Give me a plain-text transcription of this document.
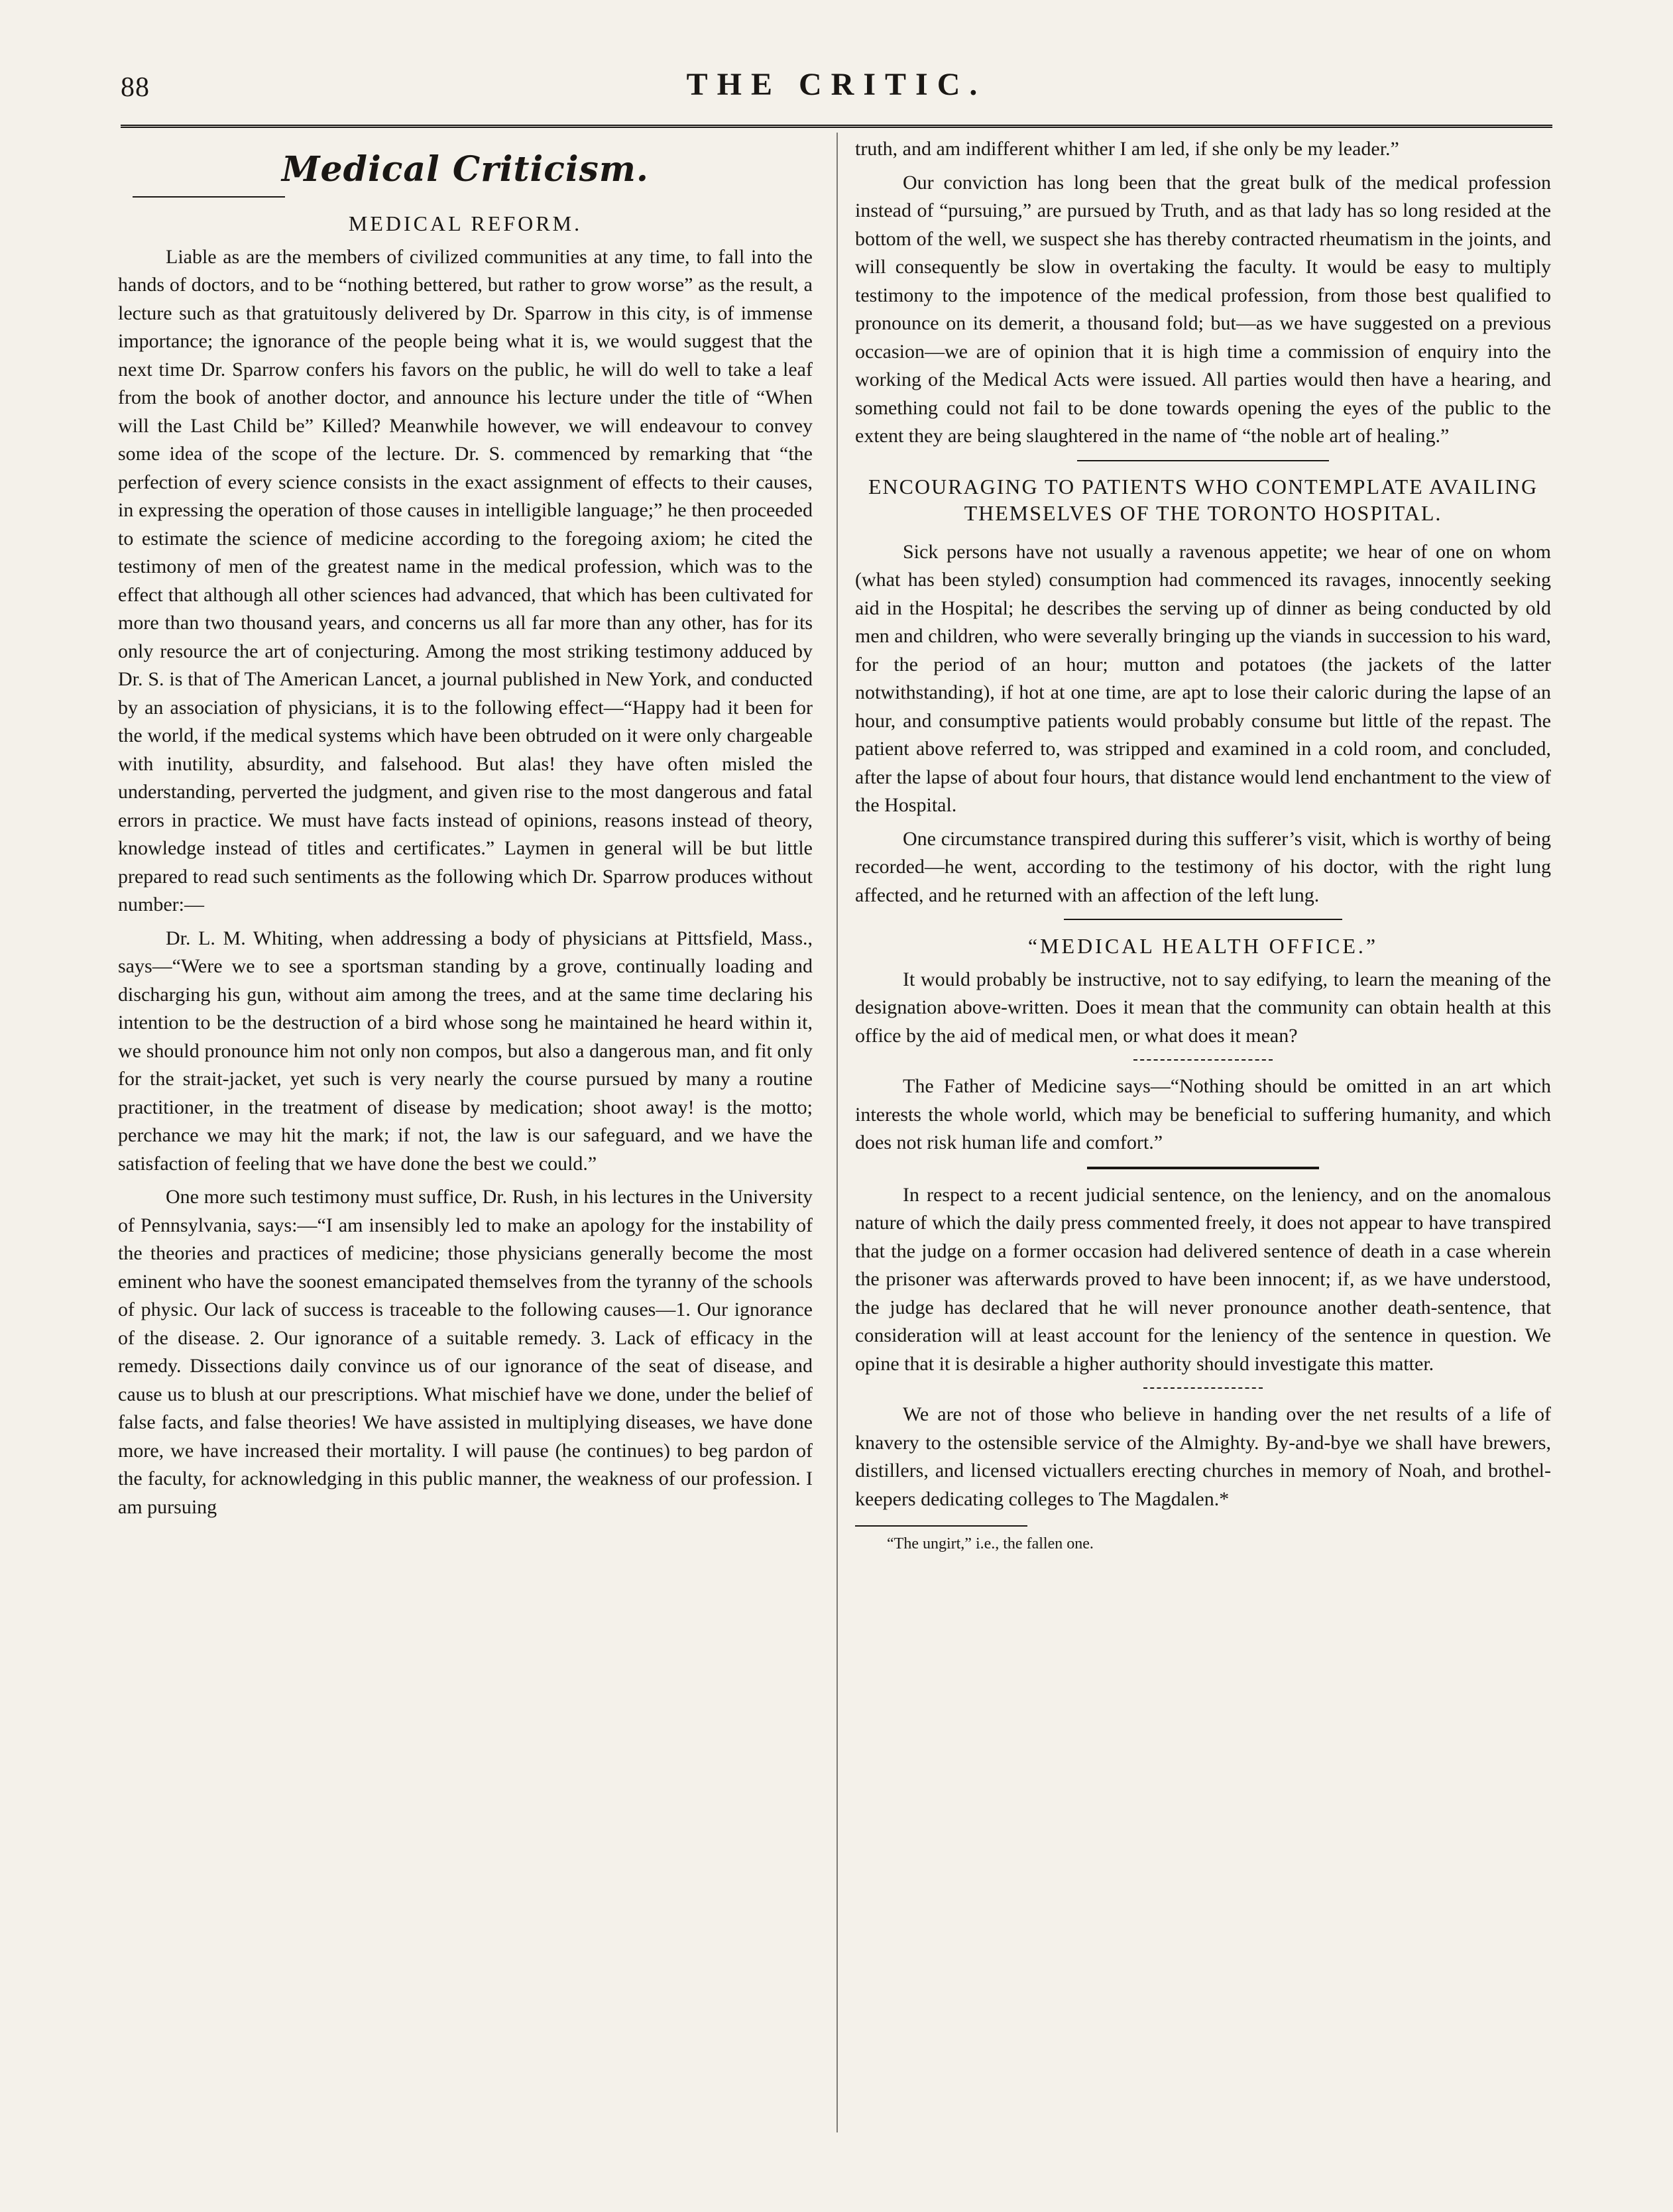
88	THE CRITIC.
Medical Criticism.
MEDICAL REFORM.

Liable as are the members of civilized communities at any time, to fall into the hands of doctors, and to be “nothing bettered, but rather to grow worse” as the result, a lecture such as that gratuitously delivered by Dr. Sparrow in this city, is of immense importance; the ignorance of the people being what it is, we would suggest that the next time Dr. Sparrow confers his favors on the public, he will do well to take a leaf from the book of another doctor, and announce his lecture under the title of “When will the Last Child be” Killed? Meanwhile however, we will endeavour to convey some idea of the scope of the lecture. Dr. S. commenced by remarking that “the perfection of every science consists in the exact assignment of effects to their causes, in expressing the operation of those causes in intelligible language;” he then proceeded to estimate the science of medicine according to the foregoing axiom; he cited the testimony of men of the greatest name in the medical profession, which was to the effect that although all other sciences had advanced, that which has been cultivated for more than two thousand years, and concerns us all far more than any other, has for its only resource the art of conjecturing. Among the most striking testimony adduced by Dr. S. is that of The American Lancet, a journal published in New York, and conducted by an association of physicians, it is to the following effect—“Happy had it been for the world, if the medical systems which have been obtruded on it were only chargeable with inutility, absurdity, and falsehood. But alas! they have often misled the understanding, perverted the judgment, and given rise to the most dangerous and fatal errors in practice. We must have facts instead of opinions, reasons instead of theory, knowledge instead of titles and certificates.” Laymen in general will be but little prepared to read such sentiments as the following which Dr. Sparrow produces without number:—

Dr. L. M. Whiting, when addressing a body of physicians at Pittsfield, Mass., says—“Were we to see a sportsman standing by a grove, continually loading and discharging his gun, without aim among the trees, and at the same time declaring his intention to be the destruction of a bird whose song he maintained he heard within it, we should pronounce him not only non compos, but also a dangerous man, and fit only for the strait-jacket, yet such is very nearly the course pursued by many a routine practitioner, in the treatment of disease by medication; shoot away! is the motto; perchance we may hit the mark; if not, the law is our safeguard, and we have the satisfaction of feeling that we have done the best we could.”

One more such testimony must suffice, Dr. Rush, in his lectures in the University of Pennsylvania, says:—“I am insensibly led to make an apology for the instability of the theories and practices of medicine; those physicians generally become the most eminent who have the soonest emancipated themselves from the tyranny of the schools of physic. Our lack of success is traceable to the following causes—1. Our ignorance of the disease. 2. Our ignorance of a suitable remedy. 3. Lack of efficacy in the remedy. Dissections daily convince us of our ignorance of the seat of disease, and cause us to blush at our prescriptions. What mischief have we done, under the belief of false facts, and false theories! We have assisted in multiplying diseases, we have done more, we have increased their mortality. I will pause (he continues) to beg pardon of the faculty, for acknowledging in this public manner, the weakness of our profession. I am pursuing

truth, and am indifferent whither I am led, if she only be my leader.”

Our conviction has long been that the great bulk of the medical profession instead of “pursuing,” are pursued by Truth, and as that lady has so long resided at the bottom of the well, we suspect she has thereby contracted rheumatism in the joints, and will consequently be slow in overtaking the faculty. It would be easy to multiply testimony to the impotence of the medical profession, from those best qualified to pronounce on its demerit, a thousand fold; but—as we have suggested on a previous occasion—we are of opinion that it is high time a commission of enquiry into the working of the Medical Acts were issued. All parties would then have a hearing, and something could not fail to be done towards opening the eyes of the public to the extent they are being slaughtered in the name of “the noble art of healing.”

ENCOURAGING TO PATIENTS WHO CONTEMPLATE AVAILING THEMSELVES OF THE TORONTO HOSPITAL.

Sick persons have not usually a ravenous appetite; we hear of one on whom (what has been styled) consumption had commenced its ravages, innocently seeking aid in the Hospital; he describes the serving up of dinner as being conducted by old men and children, who were severally bringing up the viands in succession to his ward, for the period of an hour; mutton and potatoes (the jackets of the latter notwithstanding), if hot at one time, are apt to lose their caloric during the lapse of an hour, and consumptive patients would probably consume but little of the repast. The patient above referred to, was stripped and examined in a cold room, and concluded, after the lapse of about four hours, that distance would lend enchantment to the view of the Hospital.

One circumstance transpired during this sufferer’s visit, which is worthy of being recorded—he went, according to the testimony of his doctor, with the right lung affected, and he returned with an affection of the left lung.

“MEDICAL HEALTH OFFICE.”

It would probably be instructive, not to say edifying, to learn the meaning of the designation above-written. Does it mean that the community can obtain health at this office by the aid of medical men, or what does it mean?

The Father of Medicine says—“Nothing should be omitted in an art which interests the whole world, which may be beneficial to suffering humanity, and which does not risk human life and comfort.”

In respect to a recent judicial sentence, on the leniency, and on the anomalous nature of which the daily press commented freely, it does not appear to have transpired that the judge on a former occasion had delivered sentence of death in a case wherein the prisoner was afterwards proved to have been innocent; if, as we have understood, the judge has declared that he will never pronounce another death-sentence, that consideration will at least account for the leniency of the sentence in question. We opine that it is desirable a higher authority should investigate this matter.

We are not of those who believe in handing over the net results of a life of knavery to the ostensible service of the Almighty. By-and-bye we shall have brewers, distillers, and licensed victuallers erecting churches in memory of Noah, and brothel-keepers dedicating colleges to The Magdalen.*

“The ungirt,” i.e., the fallen one.
